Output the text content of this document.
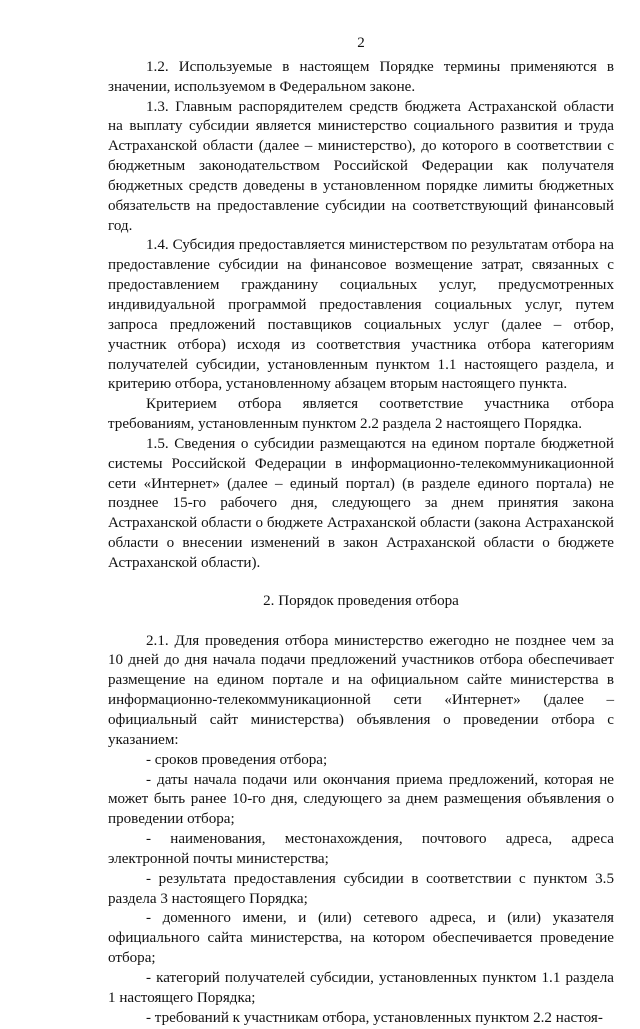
2

1.2. Используемые в настоящем Порядке термины применяются в значении, используемом в Федеральном законе.

1.3. Главным распорядителем средств бюджета Астраханской области на выплату субсидии является министерство социального развития и труда Астраханской области (далее – министерство), до которого в соответствии с бюджетным законодательством Российской Федерации как получателя бюджетных средств доведены в установленном порядке лимиты бюджетных обязательств на предоставление субсидии на соответствующий финансовый год.

1.4. Субсидия предоставляется министерством по результатам отбора на предоставление субсидии на финансовое возмещение затрат, связанных с предоставлением гражданину социальных услуг, предусмотренных индивидуальной программой предоставления социальных услуг, путем запроса предложений поставщиков социальных услуг (далее – отбор, участник отбора) исходя из соответствия участника отбора категориям получателей субсидии, установленным пунктом 1.1 настоящего раздела, и критерию отбора, установленному абзацем вторым настоящего пункта.

Критерием отбора является соответствие участника отбора требованиям, установленным пунктом 2.2 раздела 2 настоящего Порядка.

1.5. Сведения о субсидии размещаются на едином портале бюджетной системы Российской Федерации в информационно-телекоммуникационной сети «Интернет» (далее – единый портал) (в разделе единого портала) не позднее 15-го рабочего дня, следующего за днем принятия закона Астраханской области о бюджете Астраханской области (закона Астраханской области о внесении изменений в закон Астраханской области о бюджете Астраханской области).

2. Порядок проведения отбора

2.1. Для проведения отбора министерство ежегодно не позднее чем за 10 дней до дня начала подачи предложений участников отбора обеспечивает размещение на едином портале и на официальном сайте министерства в информационно-телекоммуникационной сети «Интернет» (далее – официальный сайт министерства) объявления о проведении отбора с указанием:

- сроков проведения отбора;

- даты начала подачи или окончания приема предложений, которая не может быть ранее 10-го дня, следующего за днем размещения объявления о проведении отбора;

- наименования, местонахождения, почтового адреса, адреса электронной почты министерства;

- результата предоставления субсидии в соответствии с пунктом 3.5 раздела 3 настоящего Порядка;

- доменного имени, и (или) сетевого адреса, и (или) указателя официального сайта министерства, на котором обеспечивается проведение отбора;

- категорий получателей субсидии, установленных пунктом 1.1 раздела 1 настоящего Порядка;

- требований к участникам отбора, установленных пунктом 2.2 настоя-
